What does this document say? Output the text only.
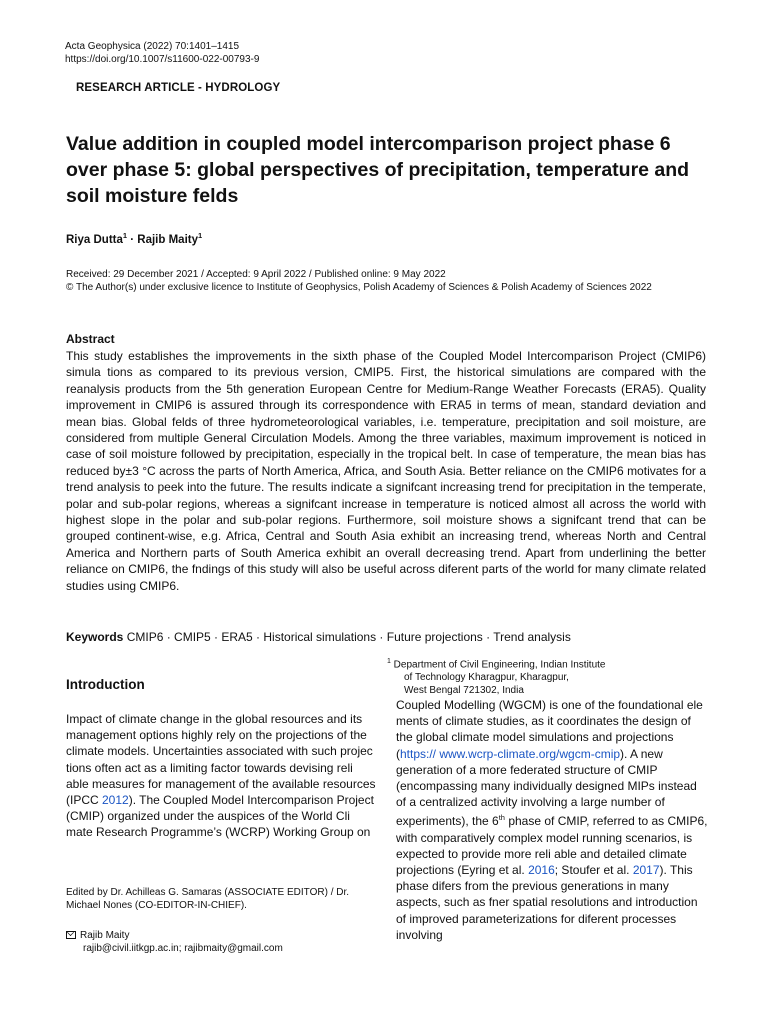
Acta Geophysica (2022) 70:1401–1415
https://doi.org/10.1007/s11600-022-00793-9
RESEARCH ARTICLE - HYDROLOGY
Value addition in coupled model intercomparison project phase 6 over phase 5: global perspectives of precipitation, temperature and soil moisture felds
Riya Dutta$^1$ · Rajib Maity$^1$
Received: 29 December 2021 / Accepted: 9 April 2022 / Published online: 9 May 2022
© The Author(s) under exclusive licence to Institute of Geophysics, Polish Academy of Sciences & Polish Academy of Sciences 2022
Abstract
This study establishes the improvements in the sixth phase of the Coupled Model Intercomparison Project (CMIP6) simula tions as compared to its previous version, CMIP5. First, the historical simulations are compared with the reanalysis products from the 5th generation European Centre for Medium-Range Weather Forecasts (ERA5). Quality improvement in CMIP6 is assured through its correspondence with ERA5 in terms of mean, standard deviation and mean bias. Global felds of three hydrometeorological variables, i.e. temperature, precipitation and soil moisture, are considered from multiple General Circulation Models. Among the three variables, maximum improvement is noticed in case of soil moisture followed by precipitation, especially in the tropical belt. In case of temperature, the mean bias has reduced by±3 °C across the parts of North America, Africa, and South Asia. Better reliance on the CMIP6 motivates for a trend analysis to peek into the future. The results indicate a signifcant increasing trend for precipitation in the temperate, polar and sub-polar regions, whereas a signifcant increase in temperature is noticed almost all across the world with highest slope in the polar and sub-polar regions. Furthermore, soil moisture shows a signifcant trend that can be grouped continent-wise, e.g. Africa, Central and South Asia exhibit an increasing trend, whereas North and Central America and Northern parts of South America exhibit an overall decreasing trend. Apart from underlining the better reliance on CMIP6, the fndings of this study will also be useful across diferent parts of the world for many climate related studies using CMIP6.
Keywords CMIP6 · CMIP5 · ERA5 · Historical simulations · Future projections · Trend analysis
$^1$ Department of Civil Engineering, Indian Institute
of Technology Kharagpur, Kharagpur,
West Bengal 721302, India
Introduction
Impact of climate change in the global resources and its management options highly rely on the projections of the climate models. Uncertainties associated with such projec tions often act as a limiting factor towards devising reli able measures for management of the available resources (IPCC 2012). The Coupled Model Intercomparison Project (CMIP) organized under the auspices of the World Cli mate Research Programme’s (WCRP) Working Group on
Coupled Modelling (WGCM) is one of the foundational ele ments of climate studies, as it coordinates the design of the global climate model simulations and projections (https:// www.wcrp-climate.org/wgcm-cmip). A new generation of a more federated structure of CMIP (encompassing many individually designed MIPs instead of a centralized activity involving a large number of experiments), the 6th phase of CMIP, referred to as CMIP6, with comparatively complex model running scenarios, is expected to provide more reli able and detailed climate projections (Eyring et al. 2016; Stoufer et al. 2017). This phase difers from the previous generations in many aspects, such as fner spatial resolutions and introduction of improved parameterizations for diferent processes involving
Edited by Dr. Achilleas G. Samaras (ASSOCIATE EDITOR) / Dr. Michael Nones (CO-EDITOR-IN-CHIEF).
Rajib Maity
rajib@civil.iitkgp.ac.in; rajibmaity@gmail.com
